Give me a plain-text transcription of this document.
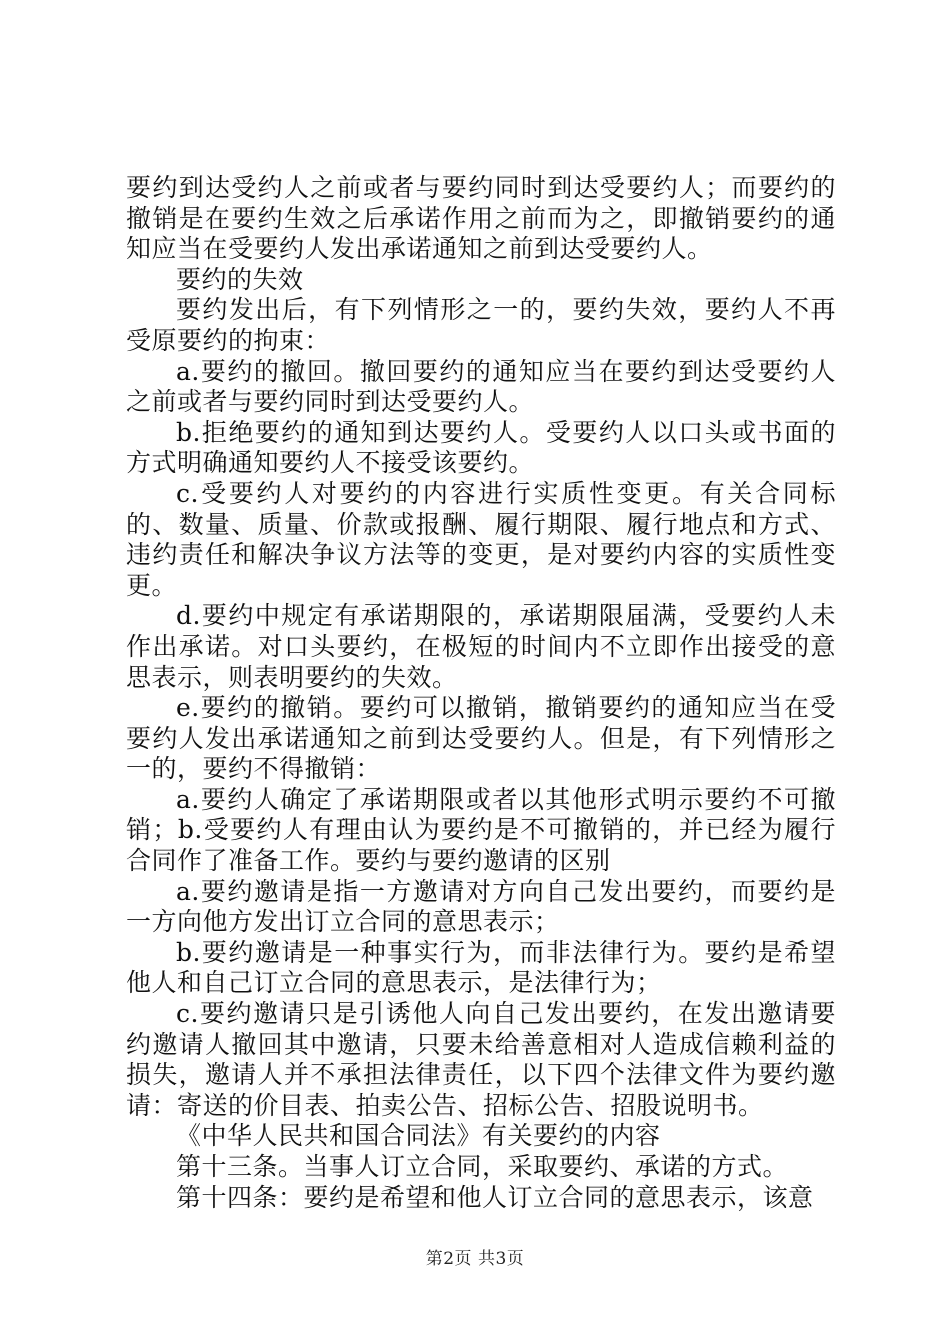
要约到达受约人之前或者与要约同时到达受要约人；而要约的撤销是在要约生效之后承诺作用之前而为之，即撤销要约的通知应当在受要约人发出承诺通知之前到达受要约人。

要约的失效

要约发出后，有下列情形之一的，要约失效，要约人不再受原要约的拘束：

a.要约的撤回。撤回要约的通知应当在要约到达受要约人之前或者与要约同时到达受要约人。

b.拒绝要约的通知到达要约人。受要约人以口头或书面的方式明确通知要约人不接受该要约。

c.受要约人对要约的内容进行实质性变更。有关合同标的、数量、质量、价款或报酬、履行期限、履行地点和方式、违约责任和解决争议方法等的变更，是对要约内容的实质性变更。

d.要约中规定有承诺期限的，承诺期限届满，受要约人未作出承诺。对口头要约，在极短的时间内不立即作出接受的意思表示，则表明要约的失效。

e.要约的撤销。要约可以撤销，撤销要约的通知应当在受要约人发出承诺通知之前到达受要约人。但是，有下列情形之一的，要约不得撤销：

a.要约人确定了承诺期限或者以其他形式明示要约不可撤销；b.受要约人有理由认为要约是不可撤销的，并已经为履行合同作了准备工作。要约与要约邀请的区别

a.要约邀请是指一方邀请对方向自己发出要约，而要约是一方向他方发出订立合同的意思表示；

b.要约邀请是一种事实行为，而非法律行为。要约是希望他人和自己订立合同的意思表示，是法律行为；

c.要约邀请只是引诱他人向自己发出要约，在发出邀请要约邀请人撤回其中邀请，只要未给善意相对人造成信赖利益的损失，邀请人并不承担法律责任，以下四个法律文件为要约邀请：寄送的价目表、拍卖公告、招标公告、招股说明书。

《中华人民共和国合同法》有关要约的内容

第十三条。当事人订立合同，采取要约、承诺的方式。

第十四条：要约是希望和他人订立合同的意思表示，该意

第2页 共3页
